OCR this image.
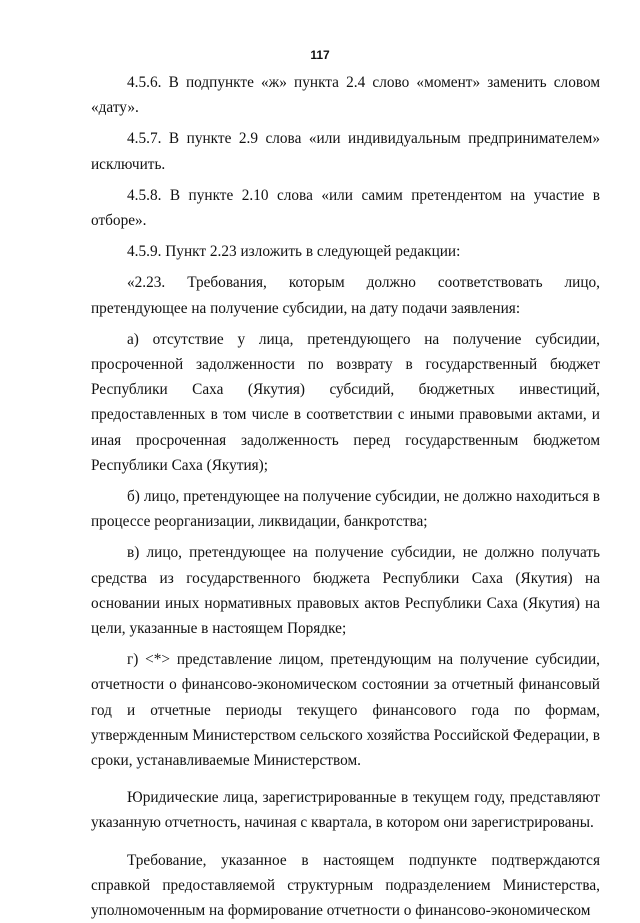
117

4.5.6. В подпункте «ж» пункта 2.4 слово «момент» заменить словом «дату».

4.5.7. В пункте 2.9 слова «или индивидуальным предпринимателем» исключить.

4.5.8. В пункте 2.10 слова «или самим претендентом на участие в отборе».

4.5.9. Пункт 2.23 изложить в следующей редакции:

«2.23. Требования, которым должно соответствовать лицо, претендующее на получение субсидии, на дату подачи заявления:

а) отсутствие у лица, претендующего на получение субсидии, просроченной задолженности по возврату в государственный бюджет Республики Саха (Якутия) субсидий, бюджетных инвестиций, предоставленных в том числе в соответствии с иными правовыми актами, и иная просроченная задолженность перед государственным бюджетом Республики Саха (Якутия);

б) лицо, претендующее на получение субсидии, не должно находиться в процессе реорганизации, ликвидации, банкротства;

в) лицо, претендующее на получение субсидии, не должно получать средства из государственного бюджета Республики Саха (Якутия) на основании иных нормативных правовых актов Республики Саха (Якутия) на цели, указанные в настоящем Порядке;

г) <*> представление лицом, претендующим на получение субсидии, отчетности о финансово-экономическом состоянии за отчетный финансовый год и отчетные периоды текущего финансового года по формам, утвержденным Министерством сельского хозяйства Российской Федерации, в сроки, устанавливаемые Министерством.

Юридические лица, зарегистрированные в текущем году, представляют указанную отчетность, начиная с квартала, в котором они зарегистрированы.

Требование, указанное в настоящем подпункте подтверждаются справкой предоставляемой структурным подразделением Министерства, уполномоченным на формирование отчетности о финансово-экономическом
